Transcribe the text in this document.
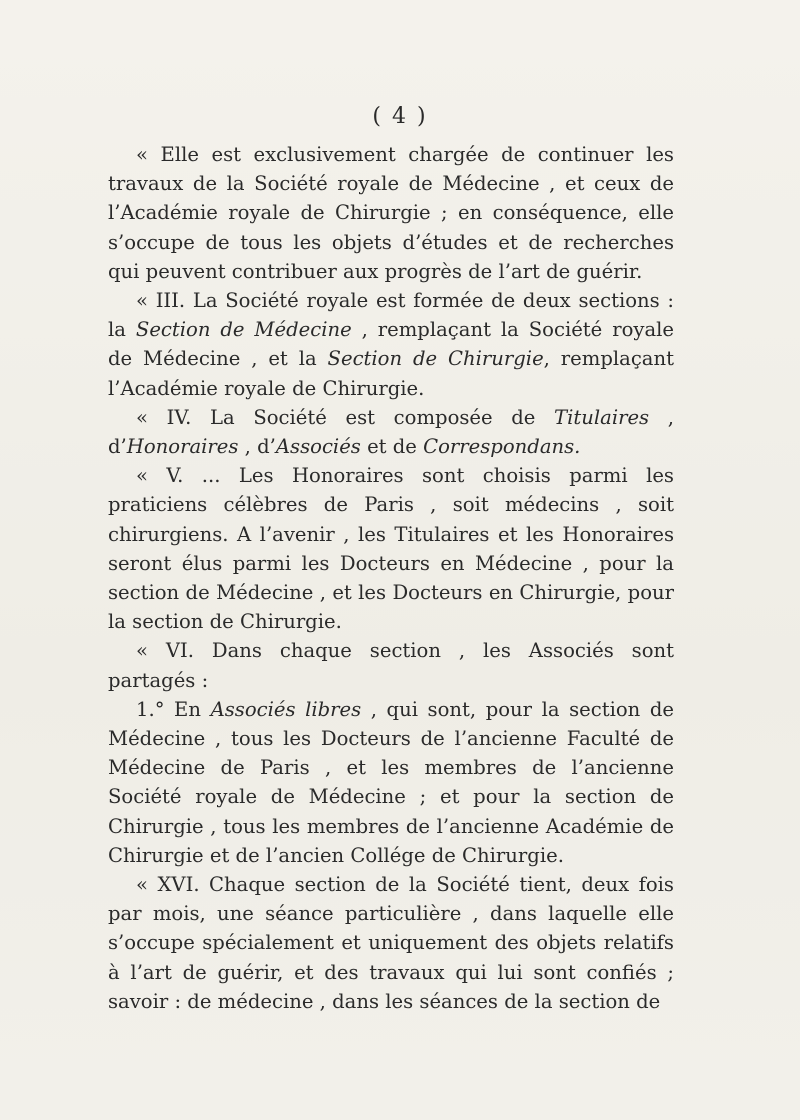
( 4 )

« Elle est exclusivement chargée de continuer les travaux de la Société royale de Médecine , et ceux de l’Académie royale de Chirurgie ; en conséquence, elle s’occupe de tous les objets d’études et de recherches qui peuvent contribuer aux progrès de l’art de guérir.

« III. La Société royale est formée de deux sections : la Section de Médecine , remplaçant la Société royale de Médecine , et la Section de Chirurgie, remplaçant l’Académie royale de Chirurgie.

« IV. La Société est composée de Titulaires , d’Honoraires , d’Associés et de Correspondans.

« V. ... Les Honoraires sont choisis parmi les praticiens célèbres de Paris , soit médecins , soit chirurgiens. A l’avenir , les Titulaires et les Honoraires seront élus parmi les Docteurs en Médecine , pour la section de Médecine , et les Docteurs en Chirurgie, pour la section de Chirurgie.

« VI. Dans chaque section , les Associés sont partagés :

1.° En Associés libres , qui sont, pour la section de Médecine , tous les Docteurs de l’ancienne Faculté de Médecine de Paris , et les membres de l’ancienne Société royale de Médecine ; et pour la section de Chirurgie , tous les membres de l’ancienne Académie de Chirurgie et de l’ancien Collége de Chirurgie.

« XVI. Chaque section de la Société tient, deux fois par mois, une séance particulière , dans laquelle elle s’occupe spécialement et uniquement des objets relatifs à l’art de guérir, et des travaux qui lui sont confiés ; savoir : de médecine , dans les séances de la section de
